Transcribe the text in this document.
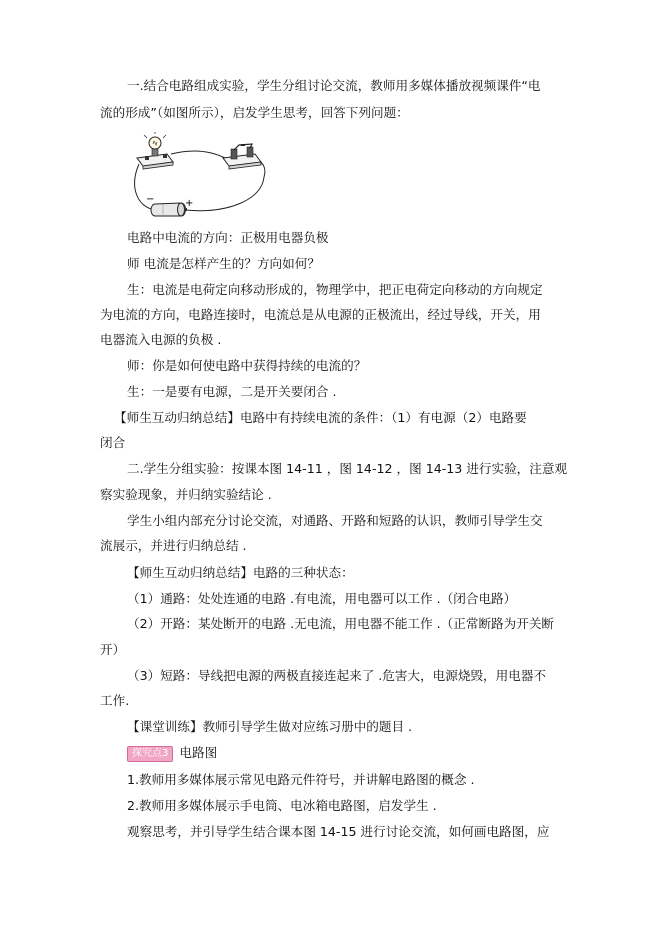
一.结合电路组成实验，学生分组讨论交流，教师用多媒体播放视频课件“电
流的形成”（如图所示），启发学生思考，回答下列问题：
−	+
电路中电流的方向：正极用电器负极
师 电流是怎样产生的？方向如何？
生：电流是电荷定向移动形成的，物理学中，把正电荷定向移动的方向规定
为电流的方向，电路连接时，电流总是从电源的正极流出，经过导线，开关，用
电器流入电源的负极 .
师：你是如何使电路中获得持续的电流的？
生：一是要有电源，二是开关要闭合 .
【师生互动归纳总结】电路中有持续电流的条件：（1）有电源（2）电路要
闭合
二.学生分组实验：按课本图 14-11 ，图 14-12 ，图 14-13 进行实验，注意观
察实验现象，并归纳实验结论 .
学生小组内部充分讨论交流，对通路、开路和短路的认识，教师引导学生交
流展示，并进行归纳总结 .
【师生互动归纳总结】电路的三种状态：
（1）通路：处处连通的电路 .有电流，用电器可以工作 .（闭合电路）
（2）开路：某处断开的电路 .无电流，用电器不能工作 .（正常断路为开关断
开）
（3）短路：导线把电源的两极直接连起来了 .危害大，电源烧毁，用电器不
工作.
【课堂训练】教师引导学生做对应练习册中的题目 .
探究点3 电路图
1.教师用多媒体展示常见电路元件符号，并讲解电路图的概念 .
2.教师用多媒体展示手电筒、电冰箱电路图，启发学生 .
观察思考，并引导学生结合课本图 14-15 进行讨论交流，如何画电路图，应
